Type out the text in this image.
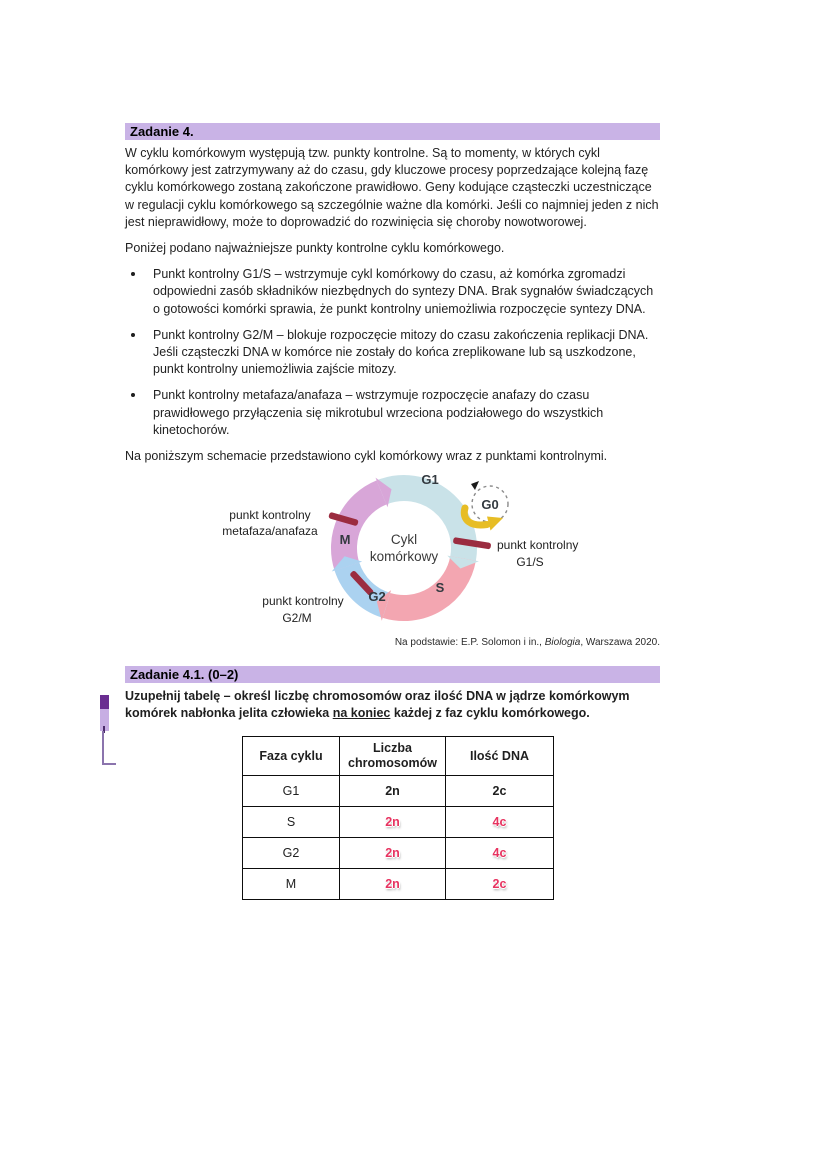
Zadanie 4.

W cyklu komórkowym występują tzw. punkty kontrolne. Są to momenty, w których cykl komórkowy jest zatrzymywany aż do czasu, gdy kluczowe procesy poprzedzające kolejną fazę cyklu komórkowego zostaną zakończone prawidłowo. Geny kodujące cząsteczki uczestniczące w regulacji cyklu komórkowego są szczególnie ważne dla komórki. Jeśli co najmniej jeden z nich jest nieprawidłowy, może to doprowadzić do rozwinięcia się choroby nowotworowej.

Poniżej podano najważniejsze punkty kontrolne cyklu komórkowego.

Punkt kontrolny G1/S – wstrzymuje cykl komórkowy do czasu, aż komórka zgromadzi odpowiedni zasób składników niezbędnych do syntezy DNA. Brak sygnałów świadczących o gotowości komórki sprawia, że punkt kontrolny uniemożliwia rozpoczęcie syntezy DNA.
Punkt kontrolny G2/M – blokuje rozpoczęcie mitozy do czasu zakończenia replikacji DNA. Jeśli cząsteczki DNA w komórce nie zostały do końca zreplikowane lub są uszkodzone, punkt kontrolny uniemożliwia zajście mitozy.
Punkt kontrolny metafaza/anafaza – wstrzymuje rozpoczęcie anafazy do czasu prawidłowego przyłączenia się mikrotubul wrzeciona podziałowego do wszystkich kinetochorów.

Na poniższym schemacie przedstawiono cykl komórkowy wraz z punktami kontrolnymi.

G1
G0
S
G2
M	Cykl
komórkowy
punkt kontrolny
metafaza/anafaza
punkt kontrolny
G1/S
punkt kontrolny
G2/M

Na podstawie: E.P. Solomon i in., Biologia, Warszawa 2020.

Zadanie 4.1. (0–2)

Uzupełnij tabelę – określ liczbę chromosomów oraz ilość DNA w jądrze komórkowym komórek nabłonka jelita człowieka na koniec każdej z faz cyklu komórkowego.

Faza cyklu	Liczba chromosomów	Ilość DNA
G1	2n	2c
S	2n	4c
G2	2n	4c
M	2n	2c
